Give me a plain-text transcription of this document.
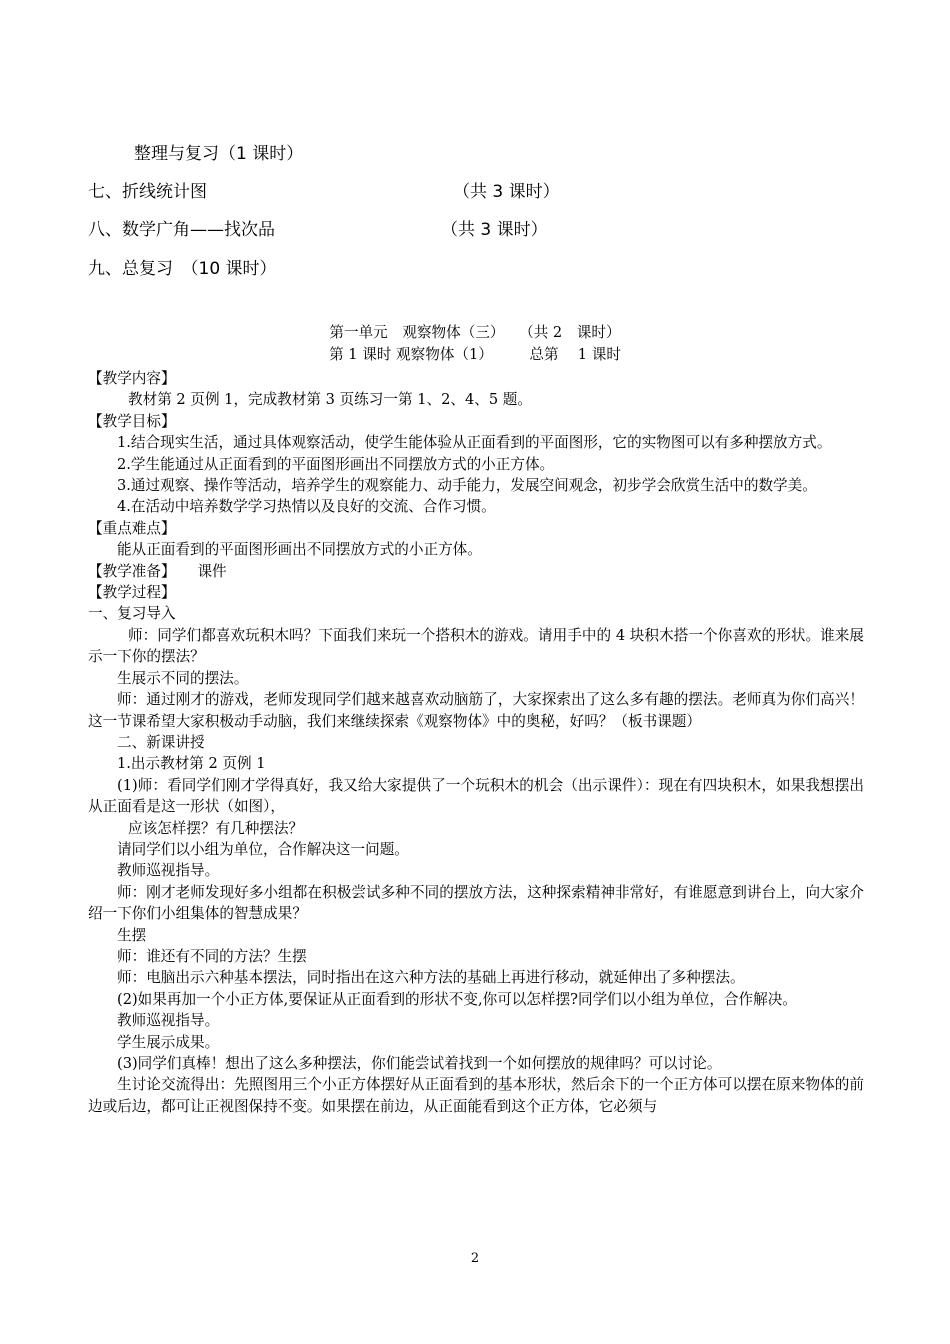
整理与复习（1 课时）
七、折线统计图	（共 3 课时）
八、数学广角——找次品	（共 3 课时）
九、总复习　（10 课时）
第一单元　观察物体（三）　　（共 2　课时）
第 1 课时 观察物体（1）　　　总第　 1 课时

【教学内容】

教材第 2 页例 1，完成教材第 3 页练习一第 1、2、4、5 题。

【教学目标】

1.结合现实生活，通过具体观察活动，使学生能体验从正面看到的平面图形，它的实物图可以有多种摆放方式。

2.学生能通过从正面看到的平面图形画出不同摆放方式的小正方体。

3.通过观察、操作等活动，培养学生的观察能力、动手能力，发展空间观念，初步学会欣赏生活中的数学美。

4.在活动中培养数学学习热情以及良好的交流、合作习惯。

【重点难点】

能从正面看到的平面图形画出不同摆放方式的小正方体。

【教学准备】　　课件

【教学过程】

一、复习导入

师：同学们都喜欢玩积木吗？下面我们来玩一个搭积木的游戏。请用手中的 4 块积木搭一个你喜欢的形状。谁来展示一下你的摆法？

生展示不同的摆法。

师：通过刚才的游戏，老师发现同学们越来越喜欢动脑筋了，大家探索出了这么多有趣的摆法。老师真为你们高兴！这一节课希望大家积极动手动脑，我们来继续探索《观察物体》中的奥秘，好吗？（板书课题）

二、新课讲授

1.出示教材第 2 页例 1

(1)师：看同学们刚才学得真好，我又给大家提供了一个玩积木的机会（出示课件）：现在有四块积木，如果我想摆出从正面看是这一形状（如图），

应该怎样摆？有几种摆法？

请同学们以小组为单位，合作解决这一问题。

教师巡视指导。

师：刚才老师发现好多小组都在积极尝试多种不同的摆放方法，这种探索精神非常好，有谁愿意到讲台上，向大家介绍一下你们小组集体的智慧成果？

生摆

师：谁还有不同的方法？生摆

师：电脑出示六种基本摆法，同时指出在这六种方法的基础上再进行移动，就延伸出了多种摆法。

(2)如果再加一个小正方体,要保证从正面看到的形状不变,你可以怎样摆?同学们以小组为单位，合作解决。

教师巡视指导。

学生展示成果。

(3)同学们真棒！想出了这么多种摆法，你们能尝试着找到一个如何摆放的规律吗？可以讨论。

生讨论交流得出：先照图用三个小正方体摆好从正面看到的基本形状，然后余下的一个正方体可以摆在原来物体的前边或后边，都可让正视图保持不变。如果摆在前边，从正面能看到这个正方体，它必须与

2
